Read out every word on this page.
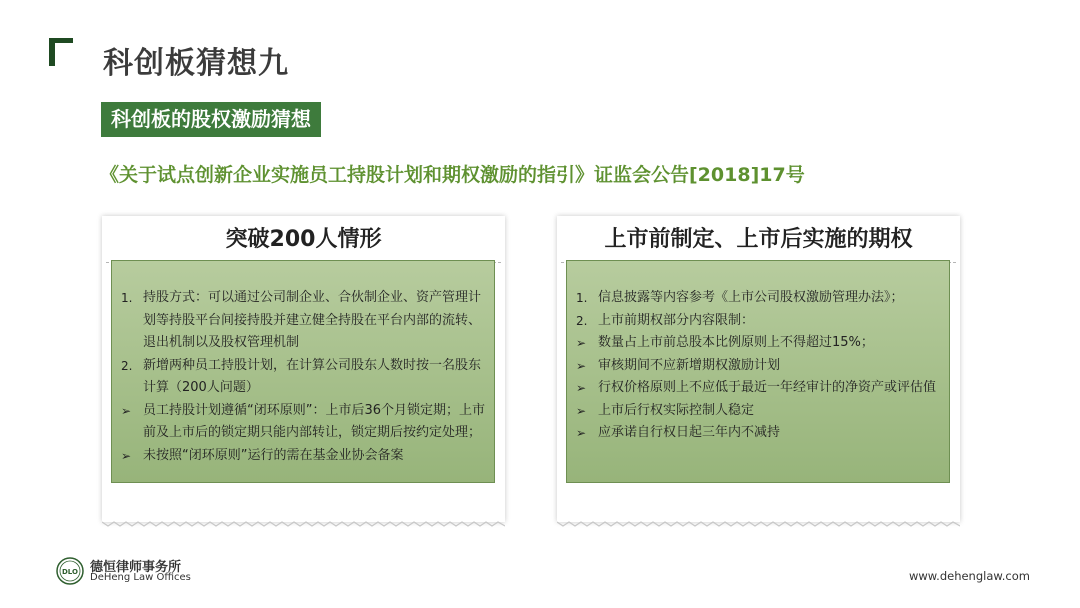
科创板猜想九
科创板的股权激励猜想
《关于试点创新企业实施员工持股计划和期权激励的指引》证监会公告[2018]17号
突破200人情形
1. 持股方式：可以通过公司制企业、合伙制企业、资产管理计划等持股平台间接持股并建立健全持股在平台内部的流转、退出机制以及股权管理机制
2. 新增两种员工持股计划，在计算公司股东人数时按一名股东计算（200人问题）
➢ 员工持股计划遵循“闭环原则”：上市后36个月锁定期；上市前及上市后的锁定期只能内部转让，锁定期后按约定处理；
➢ 未按照“闭环原则”运行的需在基金业协会备案
上市前制定、上市后实施的期权
1. 信息披露等内容参考《上市公司股权激励管理办法》；
2. 上市前期权部分内容限制：
➢ 数量占上市前总股本比例原则上不得超过15%；
➢ 审核期间不应新增期权激励计划
➢ 行权价格原则上不应低于最近一年经审计的净资产或评估值
➢ 上市后行权实际控制人稳定
➢ 应承诺自行权日起三年内不减持
DLO 德恒律师事务所
DeHeng Law Offices	www.dehenglaw.com
